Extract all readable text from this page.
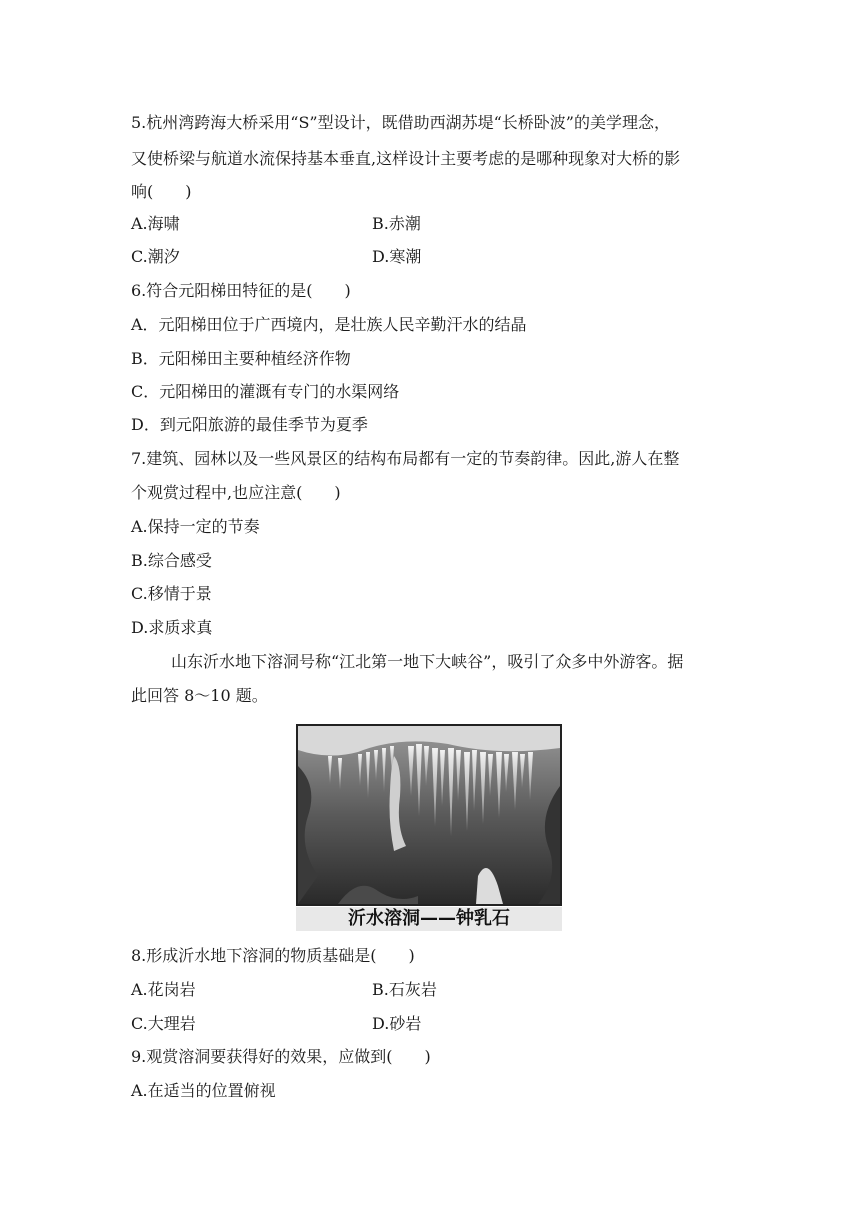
5.杭州湾跨海大桥采用“S”型设计，既借助西湖苏堤“长桥卧波”的美学理念，
又使桥梁与航道水流保持基本垂直,这样设计主要考虑的是哪种现象对大桥的影
响(　　)
A.海啸	B.赤潮
C.潮汐	D.寒潮
6.符合元阳梯田特征的是(　　)
A．元阳梯田位于广西境内，是壮族人民辛勤汗水的结晶
B．元阳梯田主要种植经济作物
C．元阳梯田的灌溉有专门的水渠网络
D．到元阳旅游的最佳季节为夏季
7.建筑、园林以及一些风景区的结构布局都有一定的节奏韵律。因此,游人在整
个观赏过程中,也应注意(　　)
A.保持一定的节奏
B.综合感受
C.移情于景
D.求质求真
山东沂水地下溶洞号称“江北第一地下大峡谷”，吸引了众多中外游客。据
此回答 8～10 题。
沂水溶洞——钟乳石
8.形成沂水地下溶洞的物质基础是(　　)
A.花岗岩	B.石灰岩
C.大理岩	D.砂岩
9.观赏溶洞要获得好的效果，应做到(　　)
A.在适当的位置俯视
